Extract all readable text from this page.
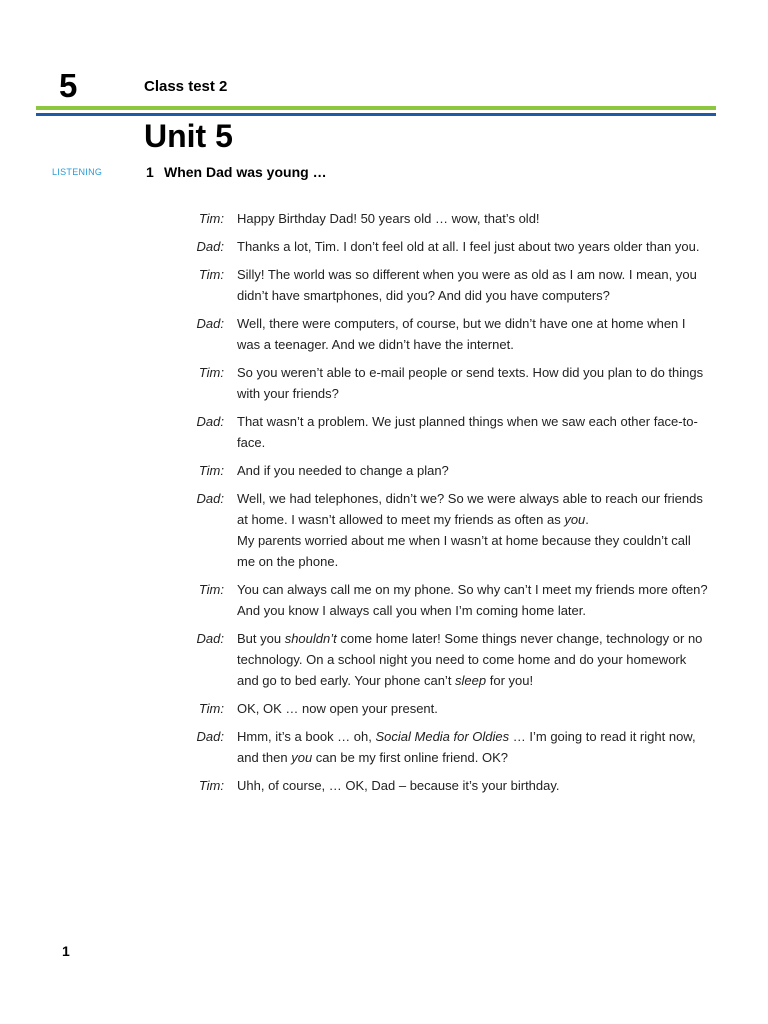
5	Class test 2
Unit 5
LISTENING	1 When Dad was young …
Tim:	Happy Birthday Dad! 50 years old … wow, that’s old!
Dad:	Thanks a lot, Tim. I don’t feel old at all. I feel just about two years older than you.
Tim:	Silly! The world was so different when you were as old as I am now. I mean, you didn’t have smartphones, did you? And did you have computers?
Dad:	Well, there were computers, of course, but we didn’t have one at home when I was a teenager. And we didn’t have the internet.
Tim:	So you weren’t able to e-mail people or send texts. How did you plan to do things with your friends?
Dad:	That wasn’t a problem. We just planned things when we saw each other face-to-face.
Tim:	And if you needed to change a plan?
Dad:	Well, we had telephones, didn’t we? So we were always able to reach our friends at home. I wasn’t allowed to meet my friends as often as you.
My parents worried about me when I wasn’t at home because they couldn’t call me on the phone.
Tim:	You can always call me on my phone. So why can’t I meet my friends more often? And you know I always call you when I’m coming home later.
Dad:	But you shouldn’t come home later! Some things never change, technology or no technology. On a school night you need to come home and do your homework and go to bed early. Your phone can’t sleep for you!
Tim:	OK, OK … now open your present.
Dad:	Hmm, it’s a book … oh, Social Media for Oldies … I’m going to read it right now, and then you can be my first online friend. OK?
Tim:	Uhh, of course, … OK, Dad – because it’s your birthday.
1
